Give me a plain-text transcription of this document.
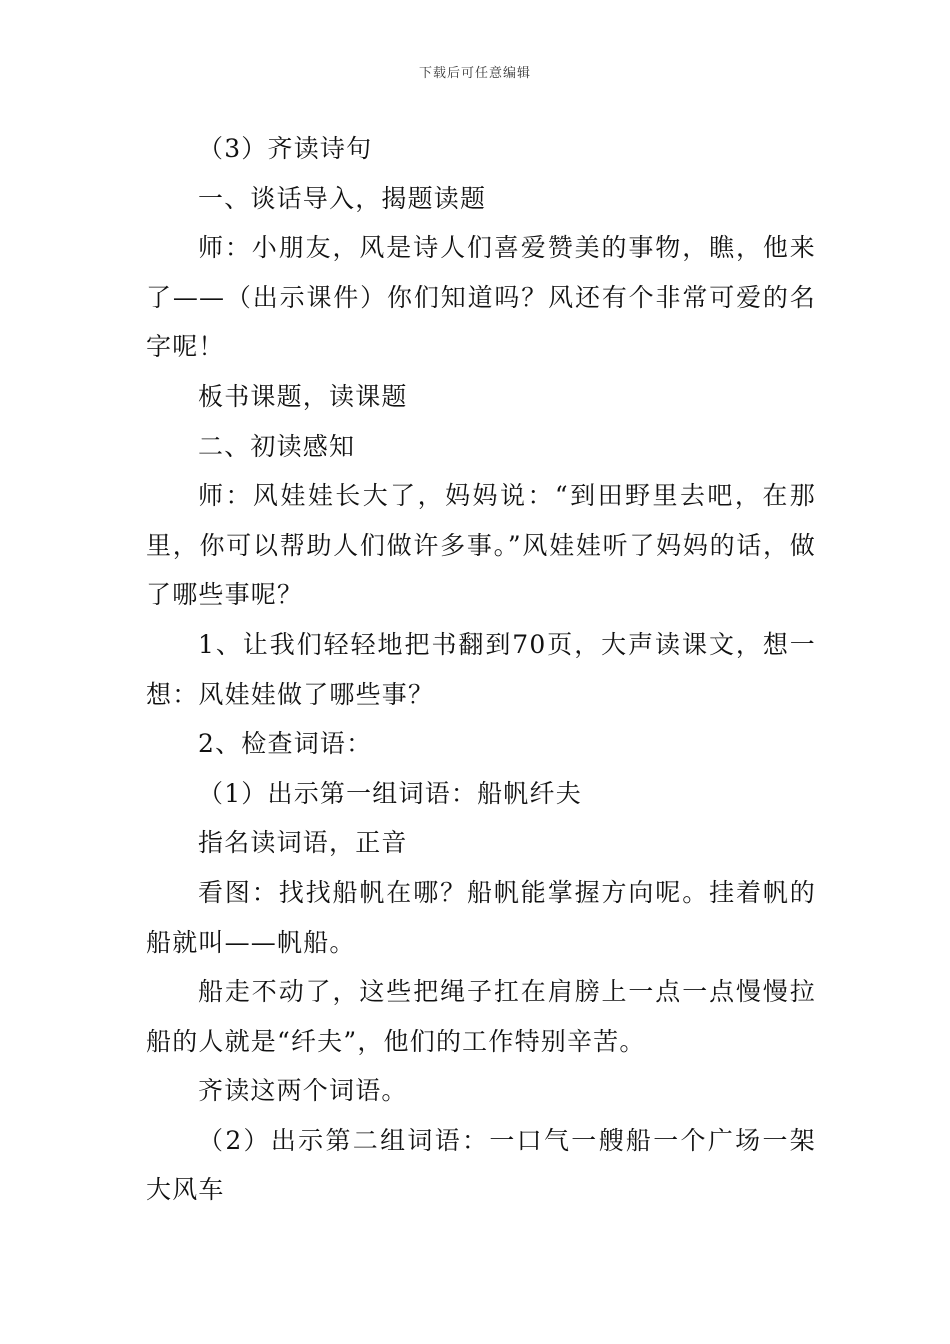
下载后可任意编辑

（3）齐读诗句

一、谈话导入，揭题读题

师：小朋友，风是诗人们喜爱赞美的事物，瞧，他来了——（出示课件）你们知道吗？风还有个非常可爱的名字呢！

板书课题，读课题

二、初读感知

师：风娃娃长大了，妈妈说：“到田野里去吧，在那里，你可以帮助人们做许多事。”风娃娃听了妈妈的话，做了哪些事呢？

1、让我们轻轻地把书翻到70页，大声读课文，想一想：风娃娃做了哪些事？

2、检查词语：

（1）出示第一组词语：船帆纤夫

指名读词语，正音

看图：找找船帆在哪？船帆能掌握方向呢。挂着帆的船就叫——帆船。

船走不动了，这些把绳子扛在肩膀上一点一点慢慢拉船的人就是“纤夫”，他们的工作特别辛苦。

齐读这两个词语。

（2）出示第二组词语：一口气一艘船一个广场一架大风车
